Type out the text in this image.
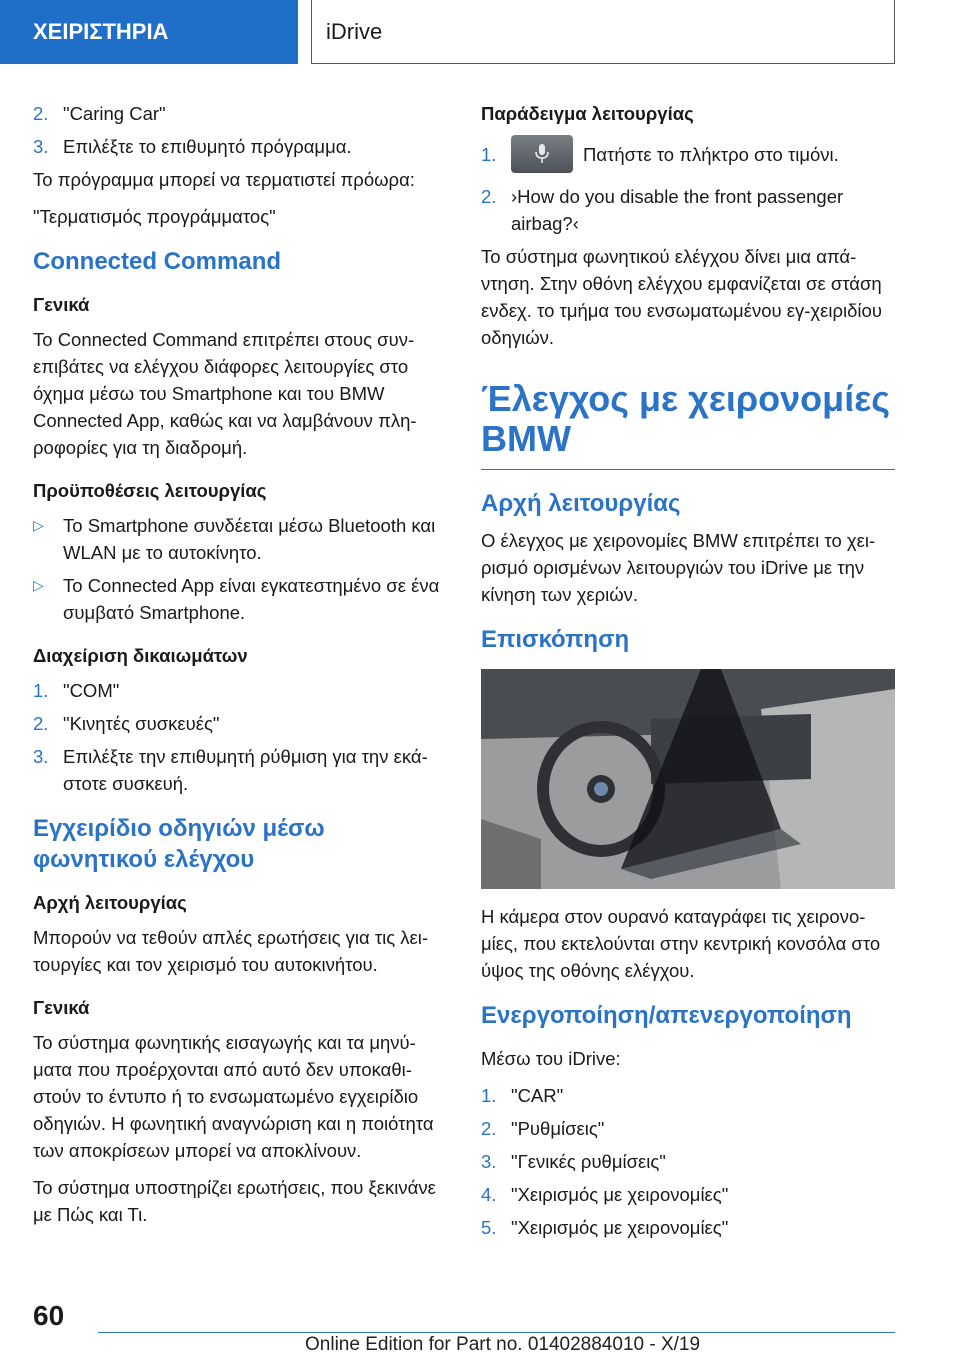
ΧΕΙΡΙΣΤΗΡΙΑ	iDrive
2. "Caring Car"
3. Επιλέξτε το επιθυμητό πρόγραμμα.

Το πρόγραμμα μπορεί να τερματιστεί πρόωρα:

"Τερματισμός προγράμματος"

Connected Command
Γενικά

Το Connected Command επιτρέπει στους συν‐επιβάτες να ελέγχου διάφορες λειτουργίες στο όχημα μέσω του Smartphone και του BMW Connected App, καθώς και να λαμβάνουν πλη‐ροφορίες για τη διαδρομή.

Προϋποθέσεις λειτουργίας
▷	Το Smartphone συνδέεται μέσω Bluetooth και WLAN με το αυτοκίνητο.
▷	Το Connected App είναι εγκατεστημένο σε ένα συμβατό Smartphone.
Διαχείριση δικαιωμάτων
1. "COM"
2. "Κινητές συσκευές"
3. Επιλέξτε την επιθυμητή ρύθμιση για την εκά‐στοτε συσκευή.
Εγχειρίδιο οδηγιών μέσω φωνητικού ελέγχου
Αρχή λειτουργίας

Μπορούν να τεθούν απλές ερωτήσεις για τις λει‐τουργίες και τον χειρισμό του αυτοκινήτου.

Γενικά

Το σύστημα φωνητικής εισαγωγής και τα μηνύ‐ματα που προέρχονται από αυτό δεν υποκαθι‐στούν το έντυπο ή το ενσωματωμένο εγχειρίδιο οδηγιών. Η φωνητική αναγνώριση και η ποιότητα των αποκρίσεων μπορεί να αποκλίνουν.

Το σύστημα υποστηρίζει ερωτήσεις, που ξεκινάνε με Πώς και Τι.

Παράδειγμα λειτουργίας
1.	Πατήστε το πλήκτρο στο τιμόνι.
2. ›How do you disable the front passenger airbag?‹

Το σύστημα φωνητικού ελέγχου δίνει μια απά‐ντηση. Στην οθόνη ελέγχου εμφανίζεται σε στάση ενδεχ. το τμήμα του ενσωματωμένου εγ‐χειριδίου οδηγιών.

Έλεγχος με χειρονομίες BMW
Αρχή λειτουργίας

Ο έλεγχος με χειρονομίες BMW επιτρέπει το χει‐ρισμό ορισμένων λειτουργιών του iDrive με την κίνηση των χεριών.

Επισκόπηση

Η κάμερα στον ουρανό καταγράφει τις χειρονο‐μίες, που εκτελούνται στην κεντρική κονσόλα στο ύψος της οθόνης ελέγχου.

Ενεργοποίηση/απενεργοποίηση

Μέσω του iDrive:

1. "CAR"
2. "Ρυθμίσεις"
3. "Γενικές ρυθμίσεις"
4. "Χειρισμός με χειρονομίες"
5. "Χειρισμός με χειρονομίες"
60
Online Edition for Part no. 01402884010 - X/19
